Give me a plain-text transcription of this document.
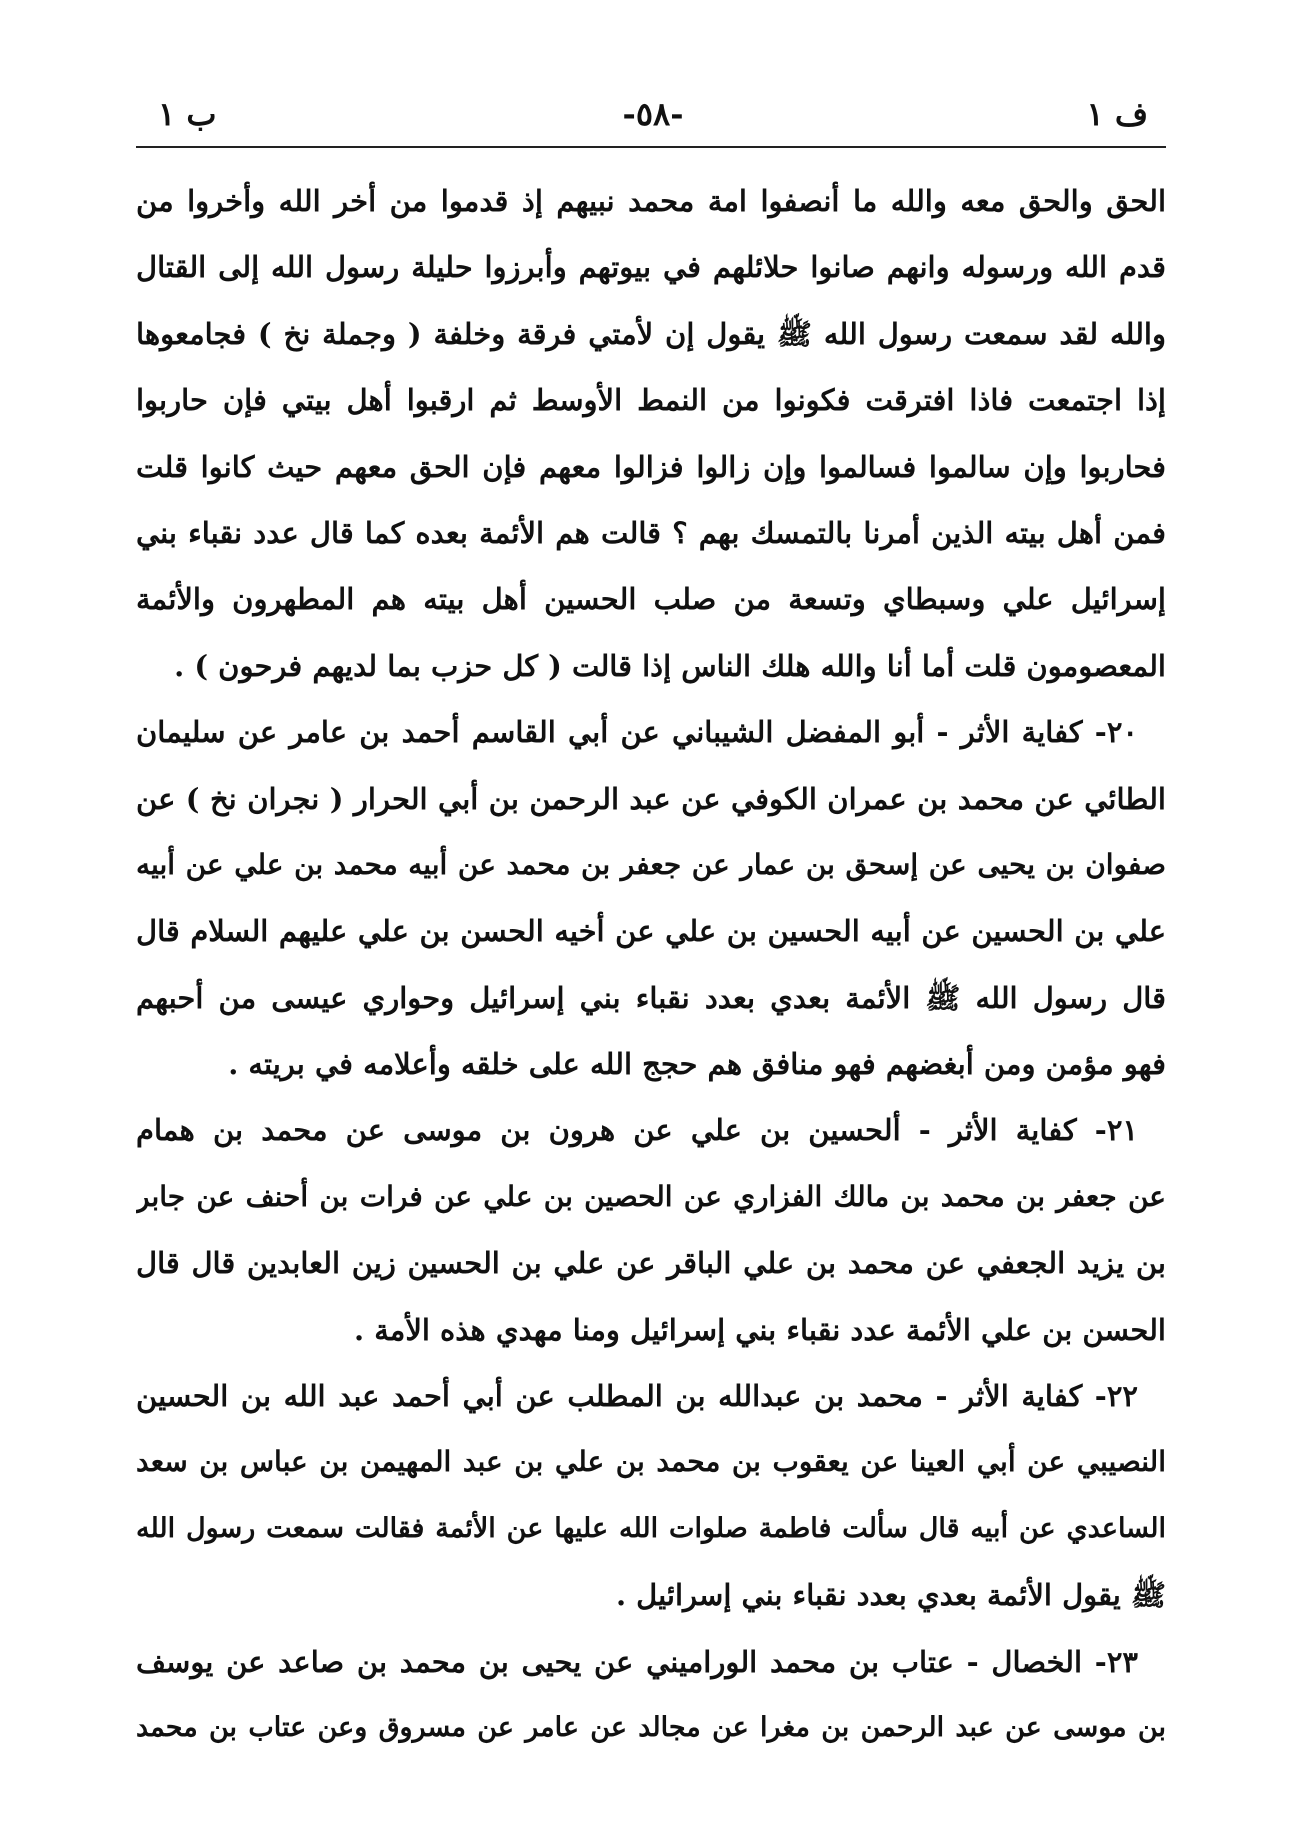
ف ١
-٥٨-
ب ١
الحق والحق معه والله ما أنصفوا امة محمد نبيهم إذ قدموا من أخر الله وأخروا من
قدم الله ورسوله وانهم صانوا حلائلهم في بيوتهم وأبرزوا حليلة رسول الله إلى القتال
والله لقد سمعت رسول الله ﷺ يقول إن لأمتي فرقة وخلفة ( وجملة نخ ) فجامعوها
إذا اجتمعت فاذا افترقت فكونوا من النمط الأوسط ثم ارقبوا أهل بيتي فإن حاربوا
فحاربوا وإن سالموا فسالموا وإن زالوا فزالوا معهم فإن الحق معهم حيث كانوا قلت
فمن أهل بيته الذين أمرنا بالتمسك بهم ؟ قالت هم الأئمة بعده كما قال عدد نقباء بني
إسرائيل علي وسبطاي وتسعة من صلب الحسين أهل بيته هم المطهرون والأئمة
المعصومون قلت أما أنا والله هلك الناس إذا قالت ( كل حزب بما لديهم فرحون ) .
٢٠- كفاية الأثر - أبو المفضل الشيباني عن أبي القاسم أحمد بن عامر عن سليمان
الطائي عن محمد بن عمران الكوفي عن عبد الرحمن بن أبي الحرار ( نجران نخ ) عن
صفوان بن يحيى عن إسحق بن عمار عن جعفر بن محمد عن أبيه محمد بن علي عن أبيه
علي بن الحسين عن أبيه الحسين بن علي عن أخيه الحسن بن علي عليهم السلام قال
قال رسول الله ﷺ الأئمة بعدي بعدد نقباء بني إسرائيل وحواري عيسى من أحبهم
فهو مؤمن ومن أبغضهم فهو منافق هم حجج الله على خلقه وأعلامه في بريته .
٢١- كفاية الأثر - ألحسين بن علي عن هرون بن موسى عن محمد بن همام
عن جعفر بن محمد بن مالك الفزاري عن الحصين بن علي عن فرات بن أحنف عن جابر
بن يزيد الجعفي عن محمد بن علي الباقر عن علي بن الحسين زين العابدين قال قال
الحسن بن علي الأئمة عدد نقباء بني إسرائيل ومنا مهدي هذه الأمة .
٢٢- كفاية الأثر - محمد بن عبدالله بن المطلب عن أبي أحمد عبد الله بن الحسين
النصيبي عن أبي العينا عن يعقوب بن محمد بن علي بن عبد المهيمن بن عباس بن سعد
الساعدي عن أبيه قال سألت فاطمة صلوات الله عليها عن الأئمة فقالت سمعت رسول الله
ﷺ يقول الأئمة بعدي بعدد نقباء بني إسرائيل .
٢٣- الخصال - عتاب بن محمد الوراميني عن يحيى بن محمد بن صاعد عن يوسف
بن موسى عن عبد الرحمن بن مغرا عن مجالد عن عامر عن مسروق وعن عتاب بن محمد
